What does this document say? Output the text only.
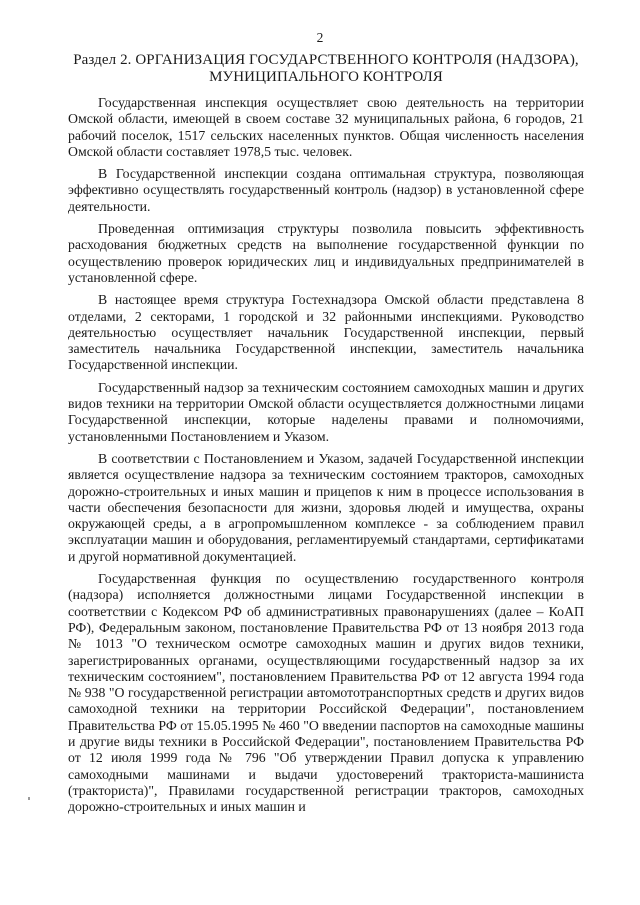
2
Раздел 2. ОРГАНИЗАЦИЯ ГОСУДАРСТВЕННОГО КОНТРОЛЯ (НАДЗОРА),
МУНИЦИПАЛЬНОГО КОНТРОЛЯ

Государственная инспекция осуществляет свою деятельность на территории Омской области, имеющей в своем составе 32 муниципальных района, 6 городов, 21 рабочий поселок, 1517 сельских населенных пунктов. Общая численность населения Омской области составляет 1978,5 тыс. человек.

В Государственной инспекции создана оптимальная структура, позволяющая эффективно осуществлять государственный контроль (надзор) в установленной сфере деятельности.

Проведенная оптимизация структуры позволила повысить эффективность расходования бюджетных средств на выполнение государственной функции по осуществлению проверок юридических лиц и индивидуальных предпринимателей в установленной сфере.

В настоящее время структура Гостехнадзора Омской области представлена 8 отделами, 2 секторами, 1 городской и 32 районными инспекциями. Руководство деятельностью осуществляет начальник Государственной инспекции, первый заместитель начальника Государственной инспекции, заместитель начальника Государственной инспекции.

Государственный надзор за техническим состоянием самоходных машин и других видов техники на территории Омской области осуществляется должностными лицами Государственной инспекции, которые наделены правами и полномочиями, установленными Постановлением и Указом.

В соответствии с Постановлением и Указом, задачей Государственной инспекции является осуществление надзора за техническим состоянием тракторов, самоходных дорожно-строительных и иных машин и прицепов к ним в процессе использования в части обеспечения безопасности для жизни, здоровья людей и имущества, охраны окружающей среды, а в агропромышленном комплексе - за соблюдением правил эксплуатации машин и оборудования, регламентируемый стандартами, сертификатами и другой нормативной документацией.

Государственная функция по осуществлению государственного контроля (надзора) исполняется должностными лицами Государственной инспекции в соответствии с Кодексом РФ об административных правонарушениях (далее – КоАП РФ), Федеральным законом, постановление Правительства РФ от 13 ноября 2013 года № 1013 "О техническом осмотре самоходных машин и других видов техники, зарегистрированных органами, осуществляющими государственный надзор за их техническим состоянием", постановлением Правительства РФ от 12 августа 1994 года № 938 "О государственной регистрации автомототранспортных средств и других видов самоходной техники на территории Российской Федерации", постановлением Правительства РФ от 15.05.1995 № 460 "О введении паспортов на самоходные машины и другие виды техники в Российской Федерации", постановлением Правительства РФ от 12 июля 1999 года № 796 "Об утверждении Правил допуска к управлению самоходными машинами и выдачи удостоверений тракториста-машиниста (тракториста)", Правилами государственной регистрации тракторов, самоходных дорожно-строительных и иных машин и
